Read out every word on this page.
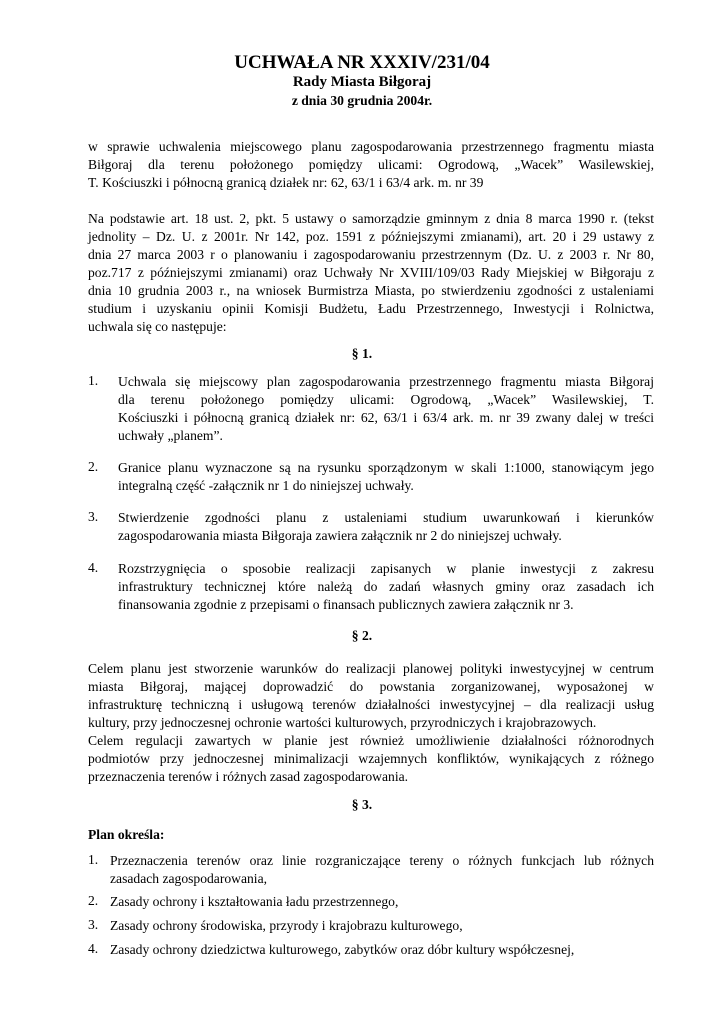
UCHWAŁA NR XXXIV/231/04
Rady Miasta Biłgoraj
z dnia 30 grudnia 2004r.
w sprawie uchwalenia miejscowego planu zagospodarowania przestrzennego fragmentu miasta
Biłgoraj dla terenu położonego pomiędzy ulicami: Ogrodową, „Wacek” Wasilewskiej,
T. Kościuszki i północną granicą działek nr: 62, 63/1 i 63/4 ark. m. nr 39
Na podstawie art. 18 ust. 2, pkt. 5 ustawy o samorządzie gminnym z dnia 8 marca 1990 r. (tekst
jednolity – Dz. U. z 2001r. Nr 142, poz. 1591 z późniejszymi zmianami), art. 20 i 29 ustawy z
dnia 27 marca 2003 r o planowaniu i zagospodarowaniu przestrzennym (Dz. U. z 2003 r. Nr 80,
poz.717 z późniejszymi zmianami) oraz Uchwały Nr XVIII/109/03 Rady Miejskiej w Biłgoraju z
dnia 10 grudnia 2003 r., na wniosek Burmistrza Miasta, po stwierdzeniu zgodności z ustaleniami
studium i uzyskaniu opinii Komisji Budżetu, Ładu Przestrzennego, Inwestycji i Rolnictwa,
uchwala się co następuje:
§ 1.
1. Uchwala się miejscowy plan zagospodarowania przestrzennego fragmentu miasta Biłgoraj
dla terenu położonego pomiędzy ulicami: Ogrodową, „Wacek” Wasilewskiej, T.
Kościuszki i północną granicą działek nr: 62, 63/1 i 63/4 ark. m. nr 39 zwany dalej w treści
uchwały „planem”.
2. Granice planu wyznaczone są na rysunku sporządzonym w skali 1:1000, stanowiącym jego
integralną część -załącznik nr 1 do niniejszej uchwały.
3. Stwierdzenie zgodności planu z ustaleniami studium uwarunkowań i kierunków
zagospodarowania miasta Biłgoraja zawiera załącznik nr 2 do niniejszej uchwały.
4. Rozstrzygnięcia o sposobie realizacji zapisanych w planie inwestycji z zakresu
infrastruktury technicznej które należą do zadań własnych gminy oraz zasadach ich
finansowania zgodnie z przepisami o finansach publicznych zawiera załącznik nr 3.
§ 2.
Celem planu jest stworzenie warunków do realizacji planowej polityki inwestycyjnej w centrum
miasta Biłgoraj, mającej doprowadzić do powstania zorganizowanej, wyposażonej w
infrastrukturę techniczną i usługową terenów działalności inwestycyjnej – dla realizacji usług
kultury, przy jednoczesnej ochronie wartości kulturowych, przyrodniczych i krajobrazowych.
Celem regulacji zawartych w planie jest również umożliwienie działalności różnorodnych
podmiotów przy jednoczesnej minimalizacji wzajemnych konfliktów, wynikających z różnego
przeznaczenia terenów i różnych zasad zagospodarowania.
§ 3.
Plan określa:
1. Przeznaczenia terenów oraz linie rozgraniczające tereny o różnych funkcjach lub różnych
zasadach zagospodarowania,
2. Zasady ochrony i kształtowania ładu przestrzennego,
3. Zasady ochrony środowiska, przyrody i krajobrazu kulturowego,
4. Zasady ochrony dziedzictwa kulturowego, zabytków oraz dóbr kultury współczesnej,
